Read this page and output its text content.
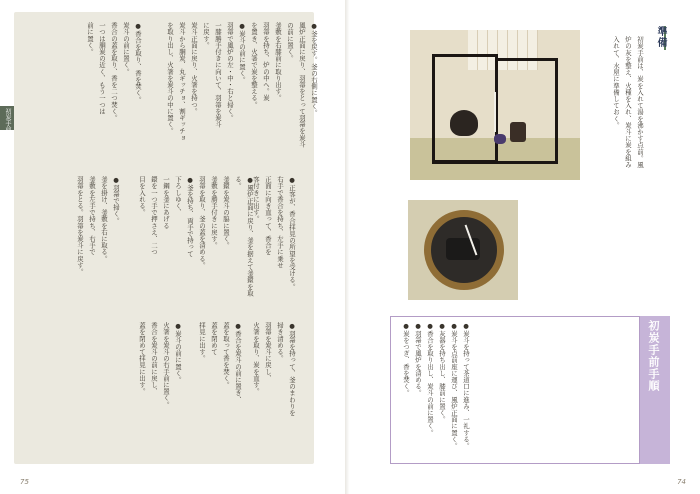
初炭手前
●釜を戻す。釜の右側に置く。
風炉正面に戻り、羽箒をとって羽箒を炭斗
の前に置く。
釜敷を右膝前に取り出す。
羽箒を持ち、炉の中へ。炭
を置き、火箸で炭を整える。
●炭斗の前に置く。
羽箒で風炉の左・中・右と掃く。
一膝勝手付きに向いて、羽箒を炭斗
に戻す。
炭斗正面に戻り、火箸を持つ。
炭斗から胴炭、丸ギッチョ、割ギッチョ
を取り出し、火箸を炭斗の中に置く。
●香合を取り、香を焚く。
炭斗の前に置く。
香合の蓋を取り、香を二つ焚く。
一つは胴炭の近く、もう一つは
前に置く。
●正客が、香合拝見の所望を受ける。
右手で香合を持ち、左手に乗せ
正面に向き直って、香合を
客付きに出す。
●風炉正面に戻り、釜を据えて釜鐶を取る。
釜鐶を炭斗の脇に置く。
釜敷を勝手付きに戻す。
羽箒を取り、釜の蓋を清める。
●釜を持ち、両手で持って
下ろしゆく、
一鋼を釜にあげる
鐶を一つ手で押さえ、二つ
目を入れる。
●羽箒で掃く。
釜を掛け、釜敷を右に取る。
釜敷を左手で持ち、右手で
羽箒をとる。羽箒を炭斗に戻す。
●羽箒を持って、釜のまわりを
掃き清める。
羽箒を炭斗に戻し、
火箸を取り、炭を直す。
●香合を炭斗の前に置き、
蓋を取って香を焚く。
蓋を閉めて
拝見に出す。
●炭斗の前に置く。
火箸を炭斗の右手前に置く。
香合を炭斗の前に戻し、
蓋を閉めて拝見に出す。
75	74
準備
初炭手前は、炭を入れて湯を沸かす点前。風炉の灰を整え、火種を入れ、炭斗に炭を組み入れて、水屋に準備しておく。
初炭手前手順
●炭斗を持って茶道口に進み、一礼する。
●炭斗を点前座に運び、風炉正面に置く。
●灰器を持ち出し、膝前に置く。
●香合を取り出し、炭斗の前に置く。
●羽箒で風炉を清める。
●炭をつぎ、香を焚く。
